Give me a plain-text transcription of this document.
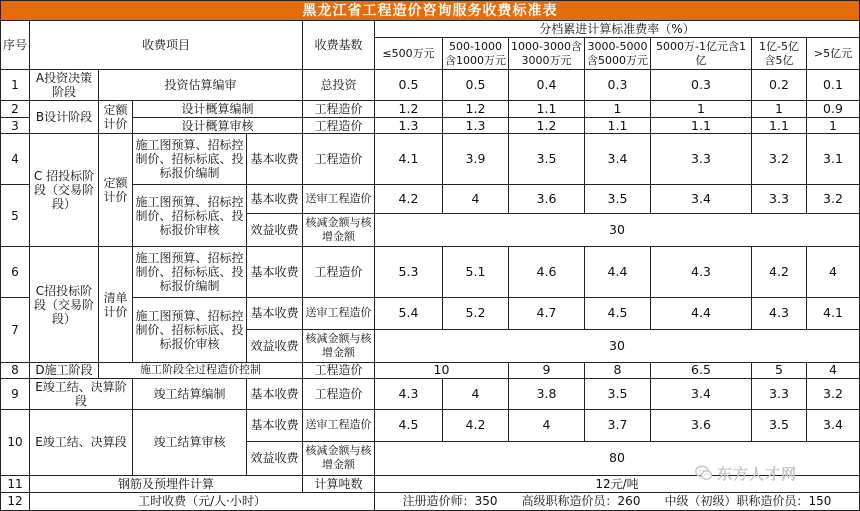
黑龙江省工程造价咨询服务收费标准表												
序号	收费项目				收费基数	分档累进计算标准费率（%）						
						≤500万元	500-1000含1000万元	1000-3000含3000万元	3000-5000含5000万元	5000万-1亿元含1亿	1亿-5亿含5亿	>5亿元
1	A投资决策阶段	投资估算编审			总投资	0.5	0.5	0.4	0.3	0.3	0.2	0.1
2	B设计阶段	定额计价	设计概算编制		工程造价	1.2	1.2	1.1	1	1	1	0.9
3			设计概算审核		工程造价	1.3	1.3	1.2	1.1	1.1	1.1	1
4	C 招投标阶段（交易阶段）	定额计价	施工图预算、招标控制价、招标标底、投标报价编制	基本收费	工程造价	4.1	3.9	3.5	3.4	3.3	3.2	3.1
5			施工图预算、招标控制价、招标标底、投标报价审核	基本收费	送审工程造价	4.2	4	3.6	3.5	3.4	3.3	3.2
				效益收费	核减金额与核增金额	30						
6	C招投标阶段（交易阶段）	清单计价	施工图预算、招标控制价、招标标底、投标报价编制	基本收费	工程造价	5.3	5.1	4.6	4.4	4.3	4.2	4
7			施工图预算、招标控制价、招标标底、投标报价审核	基本收费	送审工程造价	5.4	5.2	4.7	4.5	4.4	4.3	4.1
				效益收费	核减金额与核增金额	30						
8	D施工阶段	施工阶段全过程造价控制			工程造价	10		9	8	6.5	5	4
9	E竣工结、决算阶段		竣工结算编制	基本收费	工程造价	4.3	4	3.8	3.5	3.4	3.3	3.2
10	E竣工结、决算段		竣工结算审核	基本收费	送审工程造价	4.5	4.2	4	3.7	3.6	3.5	3.4
				效益收费	核减金额与核增金额	80						
11	钢筋及预埋件计算				计算吨数	12元/吨						
12	工时收费（元/人·小时）					注册造价师：350　　高级职称造价员：260　　中级（初级）职称造价员：150						
东方人才网
